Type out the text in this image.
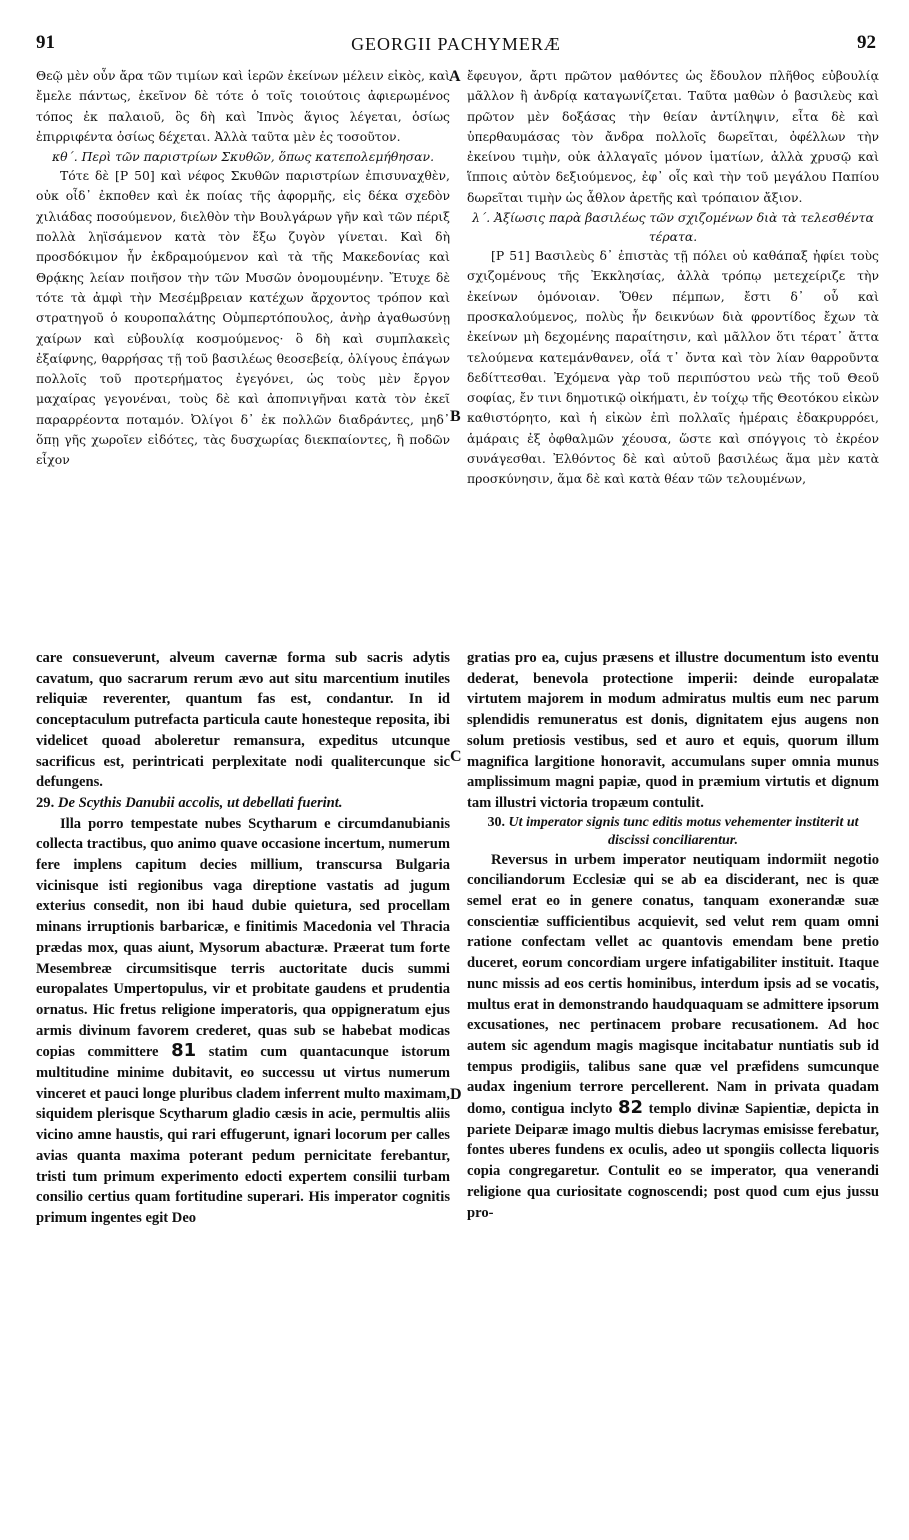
91	GEORGII PACHYMERÆ	92

Θεῷ μὲν οὖν ἄρα τῶν τιμίων καὶ ἱερῶν ἐκείνων μέλειν εἰκὸς, καὶ ἔμελε πάντως, ἐκεῖνον δὲ τότε ὁ τοῖς τοιούτοις ἀφιερωμένος τόπος ἐκ παλαιοῦ, ὃς δὴ καὶ Ἰπνὸς ἅγιος λέγεται, ὁσίως ἐπιρριφέντα ὁσίως δέχεται. Ἀλλὰ ταῦτα μὲν ἐς τοσοῦτον.

κθ΄. Περὶ τῶν παριστρίων Σκυθῶν, ὅπως κατεπολεμήθησαν.

Τότε δὲ [P 50] καὶ νέφος Σκυθῶν παριστρίων ἐπισυναχθὲν, οὐκ οἶδ᾽ ἐκποθεν καὶ ἐκ ποίας τῆς ἀφορμῆς, εἰς δέκα σχεδὸν χιλιάδας ποσούμενον, διελθὸν τὴν Βουλγάρων γῆν καὶ τῶν πέριξ πολλὰ ληϊσάμενον κατὰ τὸν ἔξω ζυγὸν γίνεται. Καὶ δὴ προσδόκιμον ἦν ἐκδραμούμενον καὶ τὰ τῆς Μακεδονίας καὶ Θρᾴκης λείαν ποιῆσον τὴν τῶν Μυσῶν ὀνομουμένην. Ἔτυχε δὲ τότε τὰ ἀμφὶ τὴν Μεσέμβρειαν κατέχων ἄρχοντος τρόπον καὶ στρατηγοῦ ὁ κουροπαλάτης Οὐμπερτόπουλος, ἀνὴρ ἀγαθωσύνῃ χαίρων καὶ εὐβουλίᾳ κοσμούμενος· ὃ δὴ καὶ συμπλακεὶς ἐξαίφνης, θαρρήσας τῇ τοῦ βασιλέως θεοσεβείᾳ, ὀλίγους ἐπάγων πολλοῖς τοῦ προτερήματος ἐγεγόνει, ὡς τοὺς μὲν ἔργον μαχαίρας γεγονέναι, τοὺς δὲ καὶ ἀποπνιγῆναι κατὰ τὸν ἐκεῖ παραρρέοντα ποταμόν. Ὀλίγοι δ᾽ ἐκ πολλῶν διαδράντες, μηδ᾽ ὅπῃ γῆς χωροῖεν εἰδότες, τὰς δυσχωρίας διεκπαίοντες, ἣ ποδῶν εἶχον

ἔφευγον, ἄρτι πρῶτον μαθόντες ὡς ἔδουλον πλῆθος εὐβουλίᾳ μᾶλλον ἢ ἀνδρίᾳ καταγωνίζεται. Ταῦτα μαθὼν ὁ βασιλεὺς καὶ πρῶτον μὲν δοξάσας τὴν θείαν ἀντίληψιν, εἶτα δὲ καὶ ὑπερθαυμάσας τὸν ἄνδρα πολλοῖς δωρεῖται, ὀφέλλων τὴν ἐκείνου τιμὴν, οὐκ ἀλλαγαῖς μόνον ἱματίων, ἀλλὰ χρυσῷ καὶ ἵπποις αὐτὸν δεξιούμενος, ἐφ᾽ οἷς καὶ τὴν τοῦ μεγάλου Παπίου δωρεῖται τιμὴν ὡς ἆθλον ἀρετῆς καὶ τρόπαιον ἄξιον.

λ΄. Ἀξίωσις παρὰ βασιλέως τῶν σχιζομένων διὰ τὰ τελεσθέντα τέρατα.

[P 51] Βασιλεὺς δ᾽ ἐπιστὰς τῇ πόλει οὐ καθάπαξ ἠφίει τοὺς σχιζομένους τῆς Ἐκκλησίας, ἀλλὰ τρόπῳ μετεχείριζε τὴν ἐκείνων ὁμόνοιαν. Ὅθεν πέμπων, ἔστι δ᾽ οὗ καὶ προσκαλούμενος, πολὺς ἦν δεικνύων διὰ φροντίδος ἔχων τὰ ἐκείνων μὴ δεχομένης παραίτησιν, καὶ μᾶλλον ὅτι τέρατ᾽ ἄττα τελούμενα κατεμάνθανεν, οἷά τ᾽ ὄντα καὶ τὸν λίαν θαρροῦντα δεδίττεσθαι. Ἐχόμενα γὰρ τοῦ περιπύστου νεὼ τῆς τοῦ Θεοῦ σοφίας, ἔν τινι δημοτικῷ οἰκήματι, ἐν τοίχῳ τῆς Θεοτόκου εἰκὼν καθιστόρητο, καὶ ἡ εἰκὼν ἐπὶ πολλαῖς ἡμέραις ἐδακρυρρόει, ἁμάραις ἐξ ὀφθαλμῶν χέουσα, ὥστε καὶ σπόγγοις τὸ ἐκρέον συνάγεσθαι. Ἐλθόντος δὲ καὶ αὐτοῦ βασιλέως ἅμα μὲν κατὰ προσκύνησιν, ἅμα δὲ καὶ κατὰ θέαν τῶν τελουμένων,

A
B
C
D

care consueverunt, alveum cavernæ forma sub sacris adytis cavatum, quo sacrarum rerum ævo aut situ marcentium inutiles reliquiæ reverenter, quantum fas est, condantur. In id conceptaculum putrefacta particula caute honesteque reposita, ibi videlicet quoad aboleretur remansura, expeditus utcunque sacrificus est, perintricati perplexitate nodi qualitercunque sic defungens.

29. De Scythis Danubii accolis, ut debellati fuerint.

Illa porro tempestate nubes Scytharum e circumdanubianis collecta tractibus, quo animo quave occasione incertum, numerum fere implens capitum decies millium, transcursa Bulgaria vicinisque isti regionibus vaga direptione vastatis ad jugum exterius consedit, non ibi haud dubie quietura, sed procellam minans irruptionis barbaricæ, e finitimis Macedonia vel Thracia prædas mox, quas aiunt, Mysorum abacturæ. Præerat tum forte Mesembreæ circumsitisque terris auctoritate ducis summi europalates Umpertopulus, vir et probitate gaudens et prudentia ornatus. Hic fretus religione imperatoris, qua oppigneratum ejus armis divinum favorem crederet, quas sub se habebat modicas copias committere 81 statim cum quantacunque istorum multitudine minime dubitavit, eo successu ut virtus numerum vinceret et pauci longe pluribus cladem inferrent multo maximam, siquidem plerisque Scytharum gladio cæsis in acie, permultis aliis vicino amne haustis, qui rari effugerunt, ignari locorum per calles avias quanta maxima poterant pedum pernicitate ferebantur, tristi tum primum experimento edocti expertem consilii turbam consilio certius quam fortitudine superari. His imperator cognitis primum ingentes egit Deo

gratias pro ea, cujus præsens et illustre documentum isto eventu dederat, benevola protectione imperii: deinde europalatæ virtutem majorem in modum admiratus multis eum nec parum splendidis remuneratus est donis, dignitatem ejus augens non solum pretiosis vestibus, sed et auro et equis, quorum illum magnifica largitione honoravit, accumulans super omnia munus amplissimum magni papiæ, quod in præmium virtutis et dignum tam illustri victoria tropæum contulit.

30. Ut imperator signis tunc editis motus vehementer institerit ut discissi conciliarentur.

Reversus in urbem imperator neutiquam indormiit negotio conciliandorum Ecclesiæ qui se ab ea disciderant, nec is quæ semel erat eo in genere conatus, tanquam exonerandæ suæ conscientiæ sufficientibus acquievit, sed velut rem quam omni ratione confectam vellet ac quantovis emendam bene pretio duceret, eorum concordiam urgere infatigabiliter instituit. Itaque nunc missis ad eos certis hominibus, interdum ipsis ad se vocatis, multus erat in demonstrando haudquaquam se admittere ipsorum excusationes, nec pertinacem probare recusationem. Ad hoc autem sic agendum magis magisque incitabatur nuntiatis sub id tempus prodigiis, talibus sane quæ vel præfidens sumcunque audax ingenium terrore percellerent. Nam in privata quadam domo, contigua inclyto 82 templo divinæ Sapientiæ, depicta in pariete Deiparæ imago multis diebus lacrymas emisisse ferebatur, fontes uberes fundens ex oculis, adeo ut spongiis collecta liquoris copia congregaretur. Contulit eo se imperator, qua venerandi religione qua curiositate cognoscendi; post quod cum ejus jussu pro-
